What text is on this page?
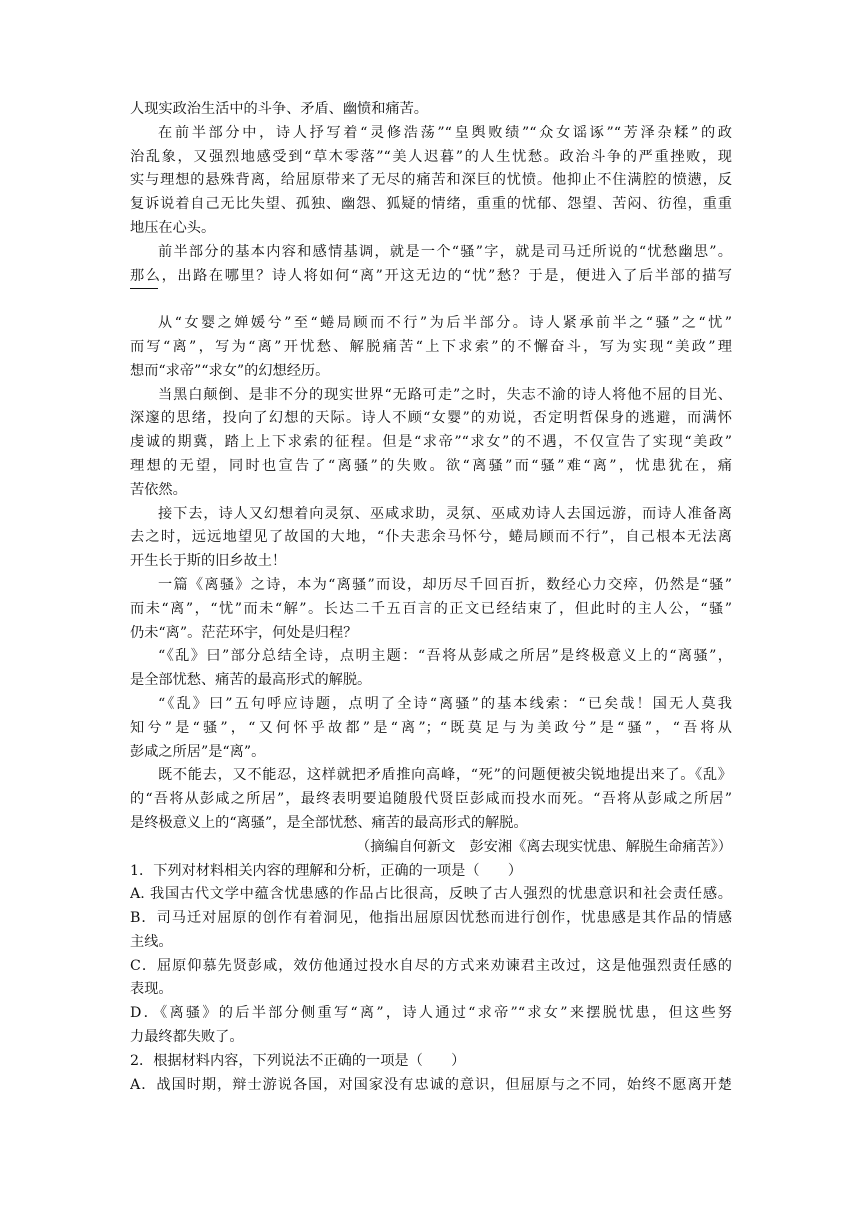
人现实政治生活中的斗争、矛盾、幽愤和痛苦。
在前半部分中，诗人抒写着“灵修浩荡”“皇舆败绩”“众女谣诼”“芳泽杂糅”的政
治乱象，又强烈地感受到“草木零落”“美人迟暮”的人生忧愁。政治斗争的严重挫败，现
实与理想的悬殊背离，给屈原带来了无尽的痛苦和深巨的忧愤。他抑止不住满腔的愤懑，反
复诉说着自己无比失望、孤独、幽怨、狐疑的情绪，重重的忧郁、怨望、苦闷、彷徨，重重
地压在心头。
前半部分的基本内容和感情基调，就是一个“骚”字，就是司马迁所说的“忧愁幽思”。
那么，出路在哪里？诗人将如何“离”开这无边的“忧”愁？于是，便进入了后半部的描写
从“女婴之婵媛兮”至“蜷局顾而不行”为后半部分。诗人紧承前半之“骚”之“忧”
而写“离”，写为“离”开忧愁、解脱痛苦“上下求索”的不懈奋斗，写为实现“美政”理
想而“求帝”“求女”的幻想经历。
当黑白颠倒、是非不分的现实世界“无路可走”之时，失志不渝的诗人将他不屈的目光、
深邃的思绪，投向了幻想的天际。诗人不顾“女婴”的劝说，否定明哲保身的逃避，而满怀
虔诚的期冀，踏上上下求索的征程。但是“求帝”“求女”的不遇，不仅宣告了实现“美政”
理想的无望，同时也宣告了“离骚”的失败。欲“离骚”而“骚”难“离”，忧患犹在，痛
苦依然。
接下去，诗人又幻想着向灵氛、巫咸求助，灵氛、巫咸劝诗人去国远游，而诗人准备离
去之时，远远地望见了故国的大地，“仆夫悲余马怀兮，蜷局顾而不行”，自己根本无法离
开生长于斯的旧乡故土！
一篇《离骚》之诗，本为“离骚”而设，却历尽千回百折，数经心力交瘁，仍然是“骚”
而未“离”，“忧”而未“解”。长达二千五百言的正文已经结束了，但此时的主人公，“骚”
仍未“离”。茫茫环宇，何处是归程？
“《乱》曰”部分总结全诗，点明主题：“吾将从彭咸之所居”是终极意义上的“离骚”，
是全部忧愁、痛苦的最高形式的解脱。
“《乱》曰”五句呼应诗题，点明了全诗“离骚”的基本线索：“已矣哉！国无人莫我
知兮”是“骚”，“又何怀乎故都”是“离”；“既莫足与为美政兮”是“骚”，“吾将从
彭咸之所居”是“离”。
既不能去，又不能忍，这样就把矛盾推向高峰，“死”的问题便被尖锐地提出来了。《乱》
的“吾将从彭咸之所居”，最终表明要追随殷代贤臣彭咸而投水而死。“吾将从彭咸之所居”
是终极意义上的“离骚”，是全部忧愁、痛苦的最高形式的解脱。
（摘编自何新文　彭安湘《离去现实忧患、解脱生命痛苦》）
1．下列对材料相关内容的理解和分析，正确的一项是（　　）
A. 我国古代文学中蕴含忧患感的作品占比很高，反映了古人强烈的忧患意识和社会责任感。
B．司马迁对屈原的创作有着洞见，他指出屈原因忧愁而进行创作，忧患感是其作品的情感
主线。
C．屈原仰慕先贤彭咸，效仿他通过投水自尽的方式来劝谏君主改过，这是他强烈责任感的
表现。
D．《离骚》的后半部分侧重写“离”，诗人通过“求帝”“求女”来摆脱忧患，但这些努
力最终都失败了。
2．根据材料内容，下列说法不正确的一项是（　　）
A．战国时期，辩士游说各国，对国家没有忠诚的意识，但屈原与之不同，始终不愿离开楚
